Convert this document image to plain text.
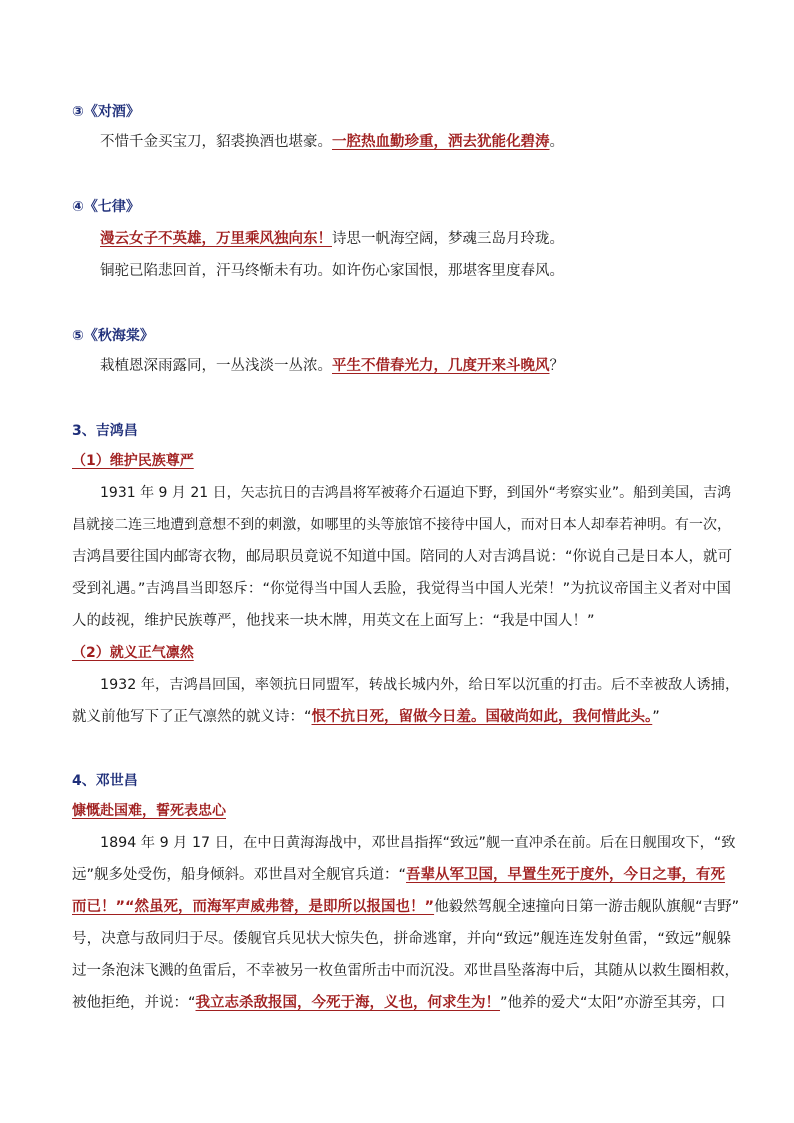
③《对酒》
不惜千金买宝刀，貂裘换酒也堪豪。一腔热血勤珍重，洒去犹能化碧涛。
④《七律》
漫云女子不英雄，万里乘风独向东！诗思一帆海空阔，梦魂三岛月玲珑。
铜驼已陷悲回首，汗马终惭未有功。如许伤心家国恨，那堪客里度春风。
⑤《秋海棠》
栽植恩深雨露同，一丛浅淡一丛浓。平生不借春光力，几度开来斗晚风？
3、吉鸿昌
（1）维护民族尊严
1931 年 9 月 21 日，矢志抗日的吉鸿昌将军被蒋介石逼迫下野，到国外“考察实业”。船到美国，吉鸿
昌就接二连三地遭到意想不到的刺激，如哪里的头等旅馆不接待中国人，而对日本人却奉若神明。有一次，
吉鸿昌要往国内邮寄衣物，邮局职员竟说不知道中国。陪同的人对吉鸿昌说：“你说自己是日本人，就可
受到礼遇。”吉鸿昌当即怒斥：“你觉得当中国人丢脸，我觉得当中国人光荣！”为抗议帝国主义者对中国
人的歧视，维护民族尊严，他找来一块木牌，用英文在上面写上：“我是中国人！”
（2）就义正气凛然
1932 年，吉鸿昌回国，率领抗日同盟军，转战长城内外，给日军以沉重的打击。后不幸被敌人诱捕，
就义前他写下了正气凛然的就义诗：“恨不抗日死，留做今日羞。国破尚如此，我何惜此头。”
4、邓世昌
慷慨赴国难，誓死表忠心
1894 年 9 月 17 日，在中日黄海海战中，邓世昌指挥“致远”舰一直冲杀在前。后在日舰围攻下，“致
远”舰多处受伤，船身倾斜。邓世昌对全舰官兵道：“吾辈从军卫国，早置生死于度外，今日之事，有死
而已！”“然虽死，而海军声威弗替，是即所以报国也！”他毅然驾舰全速撞向日第一游击舰队旗舰“吉野”
号，决意与敌同归于尽。倭舰官兵见状大惊失色，拼命逃窜，并向“致远”舰连连发射鱼雷，“致远”舰躲
过一条泡沫飞溅的鱼雷后，不幸被另一枚鱼雷所击中而沉没。邓世昌坠落海中后，其随从以救生圈相救，
被他拒绝，并说：“我立志杀敌报国，今死于海，义也，何求生为！”他养的爱犬“太阳”亦游至其旁，口
